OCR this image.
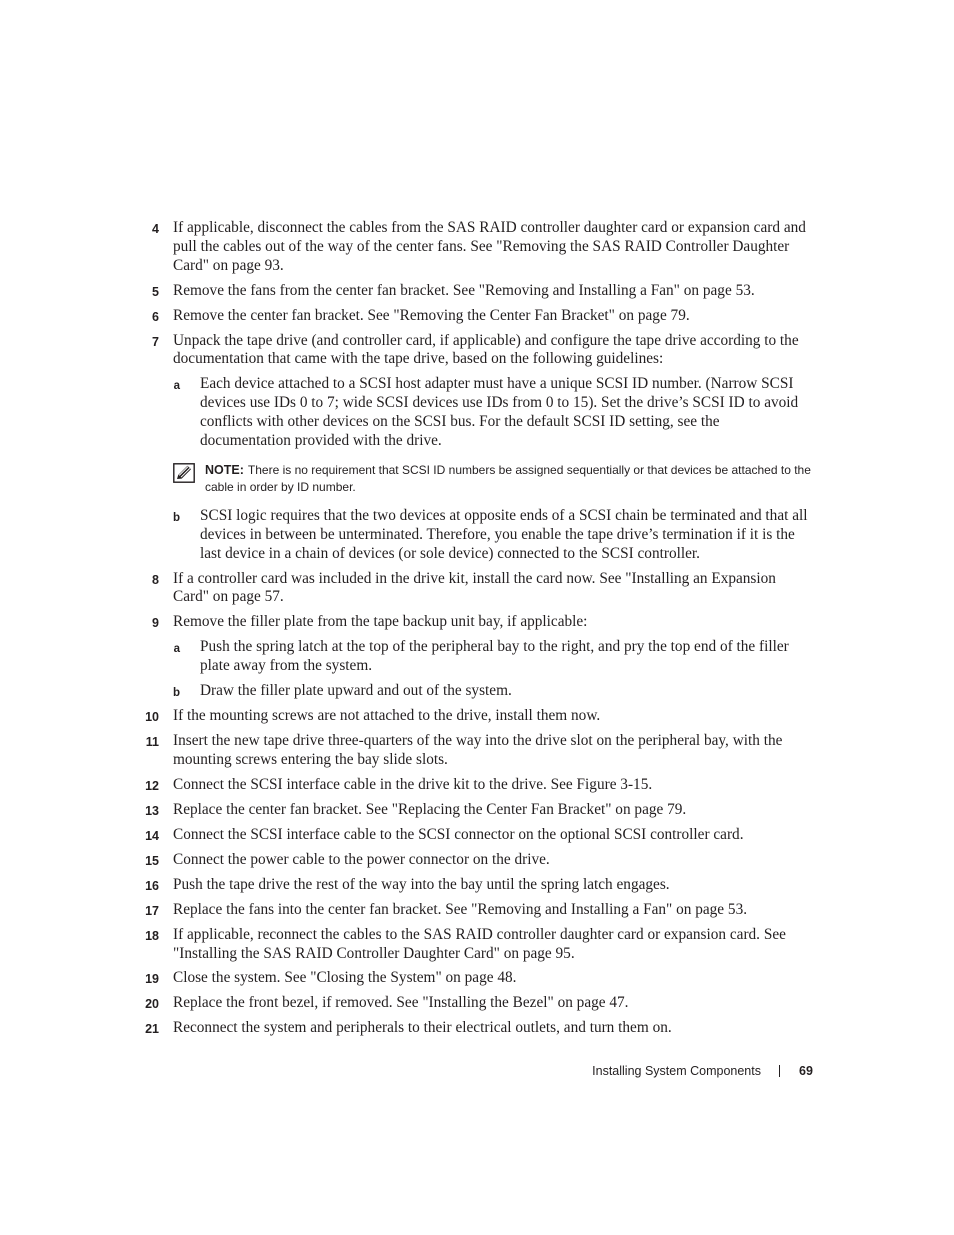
4 If applicable, disconnect the cables from the SAS RAID controller daughter card or expansion card and pull the cables out of the way of the center fans. See "Removing the SAS RAID Controller Daughter Card" on page 93.
5 Remove the fans from the center fan bracket. See "Removing and Installing a Fan" on page 53.
6 Remove the center fan bracket. See "Removing the Center Fan Bracket" on page 79.
7 Unpack the tape drive (and controller card, if applicable) and configure the tape drive according to the documentation that came with the tape drive, based on the following guidelines:
a Each device attached to a SCSI host adapter must have a unique SCSI ID number. (Narrow SCSI devices use IDs 0 to 7; wide SCSI devices use IDs from 0 to 15). Set the drive’s SCSI ID to avoid conflicts with other devices on the SCSI bus. For the default SCSI ID setting, see the documentation provided with the drive.
NOTE: There is no requirement that SCSI ID numbers be assigned sequentially or that devices be attached to the cable in order by ID number.
b SCSI logic requires that the two devices at opposite ends of a SCSI chain be terminated and that all devices in between be unterminated. Therefore, you enable the tape drive’s termination if it is the last device in a chain of devices (or sole device) connected to the SCSI controller.
8 If a controller card was included in the drive kit, install the card now. See "Installing an Expansion Card" on page 57.
9 Remove the filler plate from the tape backup unit bay, if applicable:
a Push the spring latch at the top of the peripheral bay to the right, and pry the top end of the filler plate away from the system.
b Draw the filler plate upward and out of the system.
10 If the mounting screws are not attached to the drive, install them now.
11 Insert the new tape drive three-quarters of the way into the drive slot on the peripheral bay, with the mounting screws entering the bay slide slots.
12 Connect the SCSI interface cable in the drive kit to the drive. See Figure 3-15.
13 Replace the center fan bracket. See "Replacing the Center Fan Bracket" on page 79.
14 Connect the SCSI interface cable to the SCSI connector on the optional SCSI controller card.
15 Connect the power cable to the power connector on the drive.
16 Push the tape drive the rest of the way into the bay until the spring latch engages.
17 Replace the fans into the center fan bracket. See "Removing and Installing a Fan" on page 53.
18 If applicable, reconnect the cables to the SAS RAID controller daughter card or expansion card. See "Installing the SAS RAID Controller Daughter Card" on page 95.
19 Close the system. See "Closing the System" on page 48.
20 Replace the front bezel, if removed. See "Installing the Bezel" on page 47.
21 Reconnect the system and peripherals to their electrical outlets, and turn them on.
Installing System Components	69
